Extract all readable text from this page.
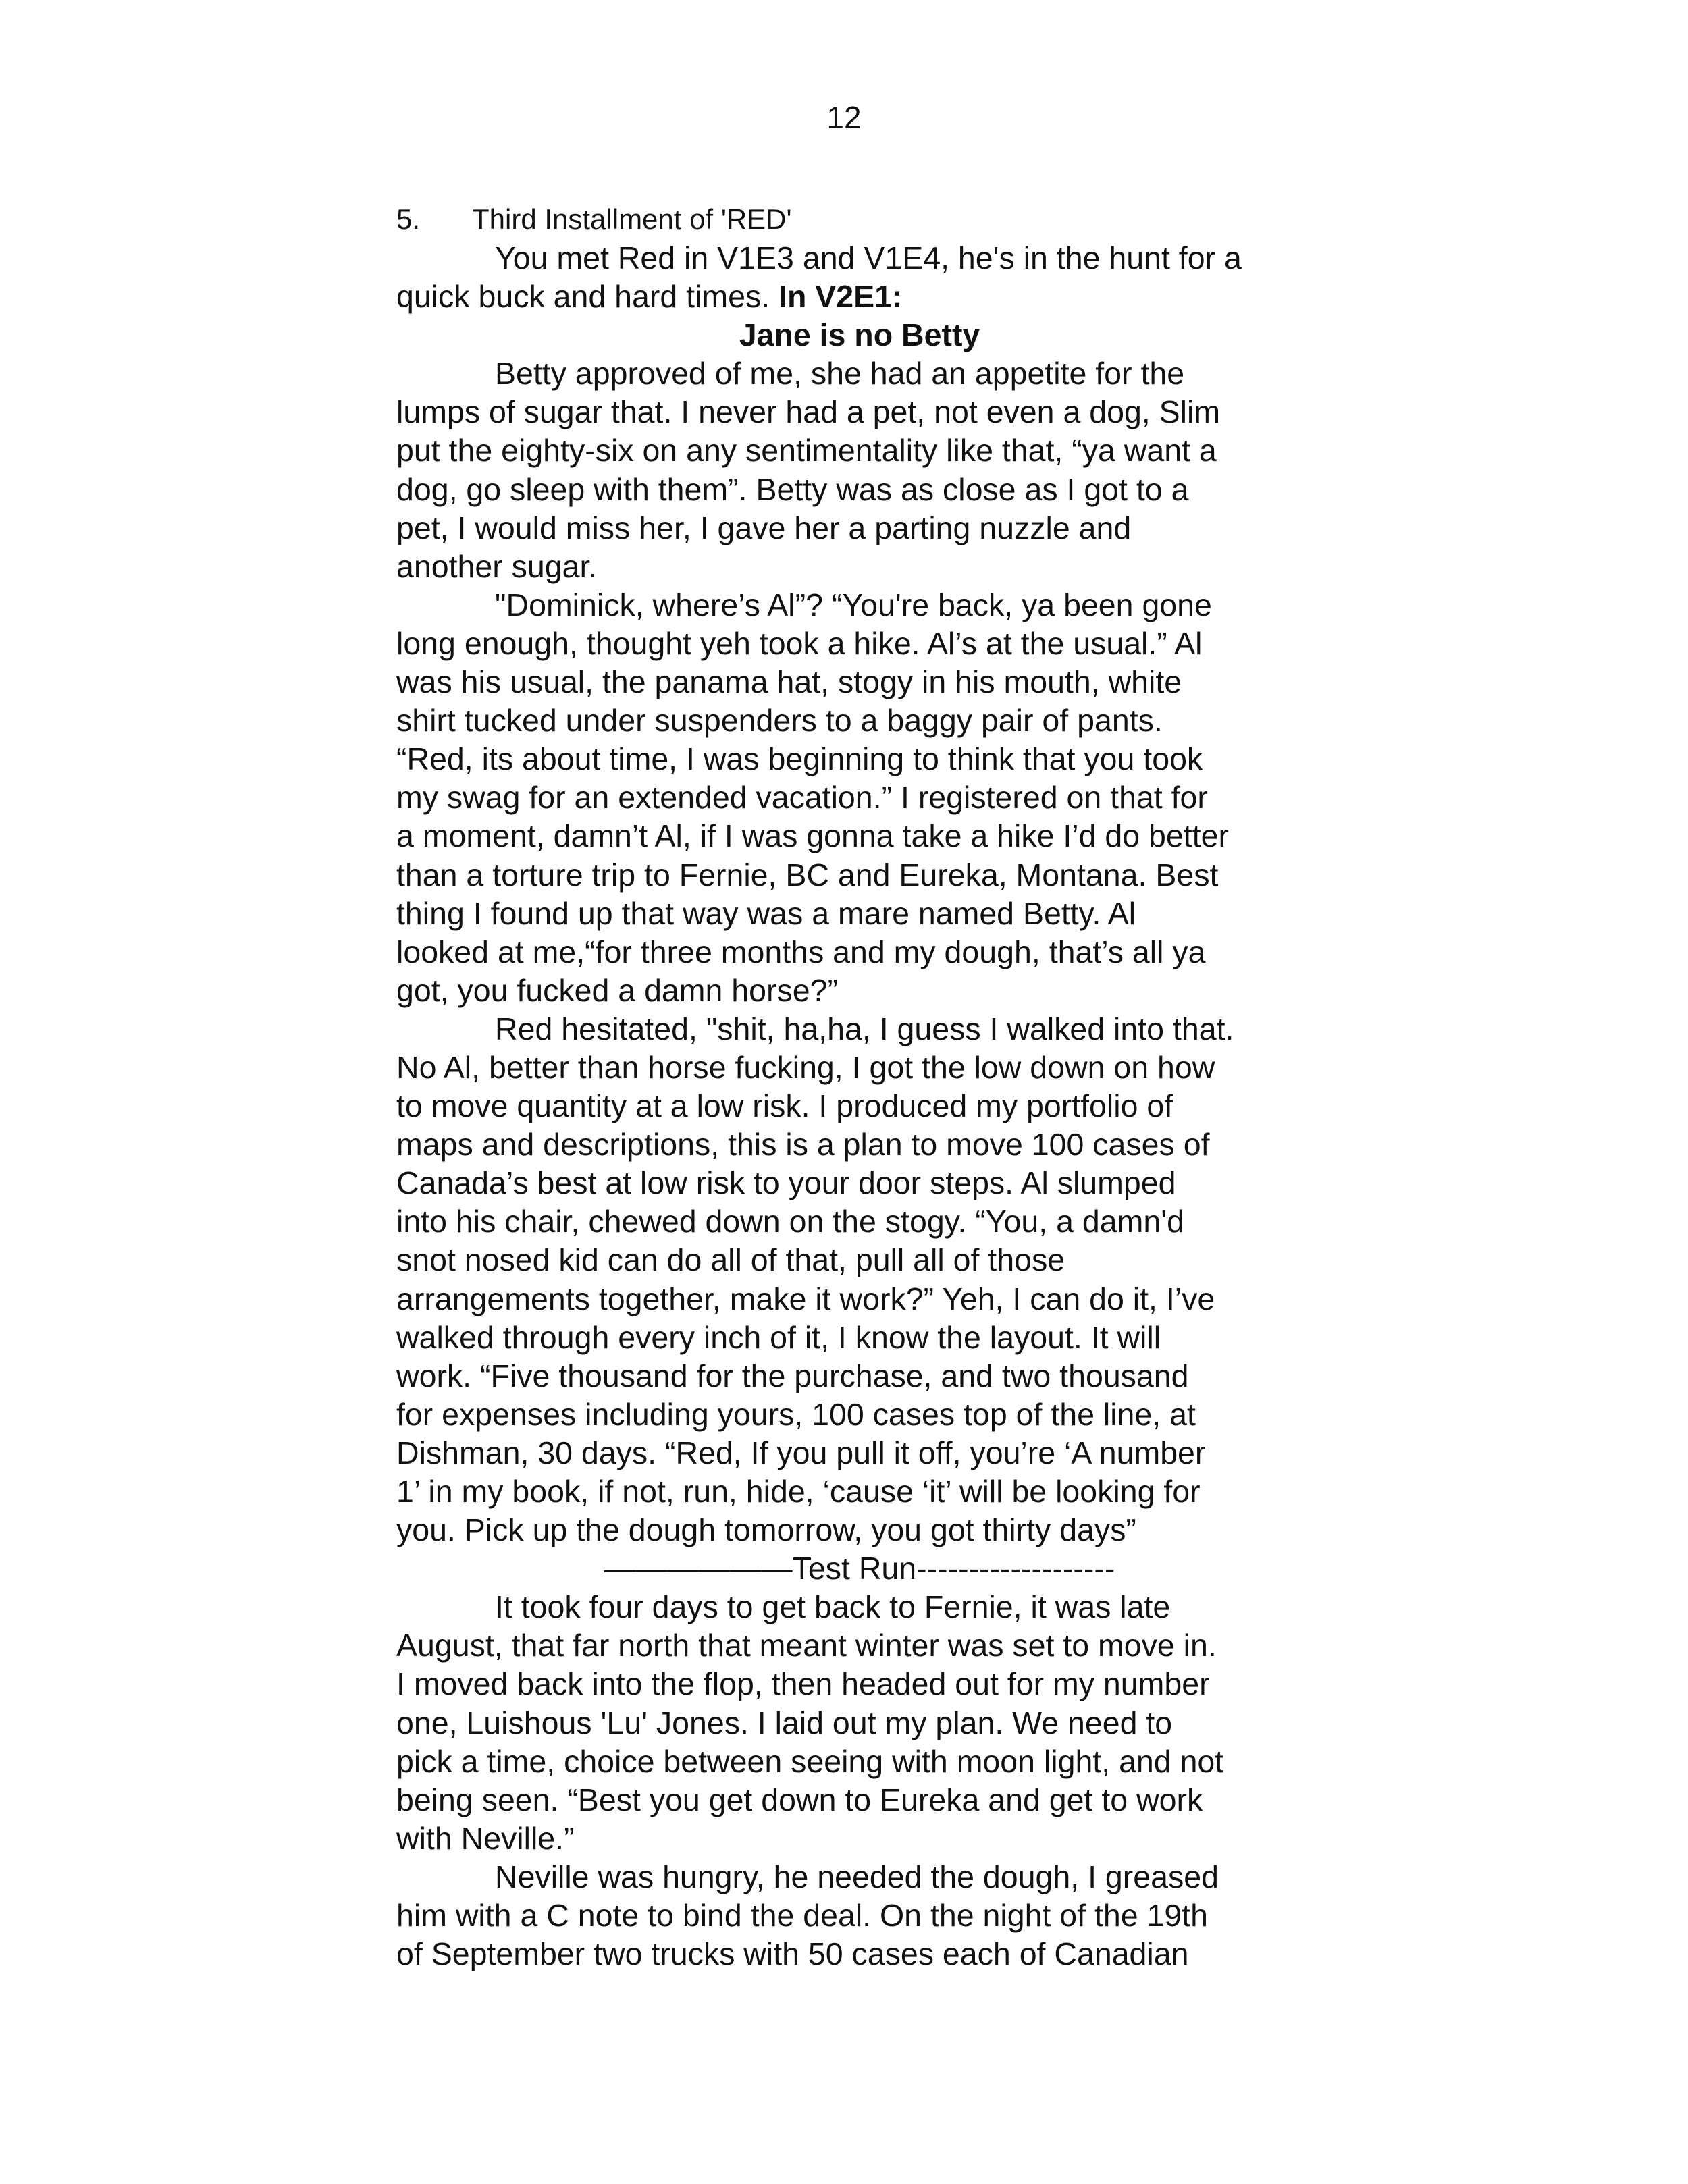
12
5. Third Installment of 'RED'
You met Red in V1E3 and V1E4, he's in the hunt for a
quick buck and hard times. In V2E1:
Jane is no Betty
Betty approved of me, she had an appetite for the
lumps of sugar that. I never had a pet, not even a dog, Slim
put the eighty-six on any sentimentality like that, “ya want a
dog, go sleep with them”. Betty was as close as I got to a
pet, I would miss her, I gave her a parting nuzzle and
another sugar.
"Dominick, where’s Al”? “You're back, ya been gone
long enough, thought yeh took a hike. Al’s at the usual.” Al
was his usual, the panama hat, stogy in his mouth, white
shirt tucked under suspenders to a baggy pair of pants.
“Red, its about time, I was beginning to think that you took
my swag for an extended vacation.” I registered on that for
a moment, damn’t Al, if I was gonna take a hike I’d do better
than a torture trip to Fernie, BC and Eureka, Montana. Best
thing I found up that way was a mare named Betty. Al
looked at me,“for three months and my dough, that’s all ya
got, you fucked a damn horse?”
Red hesitated, "shit, ha,ha, I guess I walked into that.
No Al, better than horse fucking, I got the low down on how
to move quantity at a low risk. I produced my portfolio of
maps and descriptions, this is a plan to move 100 cases of
Canada’s best at low risk to your door steps. Al slumped
into his chair, chewed down on the stogy. “You, a damn'd
snot nosed kid can do all of that, pull all of those
arrangements together, make it work?” Yeh, I can do it, I’ve
walked through every inch of it, I know the layout. It will
work. “Five thousand for the purchase, and two thousand
for expenses including yours, 100 cases top of the line, at
Dishman, 30 days. “Red, If you pull it off, you’re ‘A number
1’ in my book, if not, run, hide, ‘cause ‘it’ will be looking for
you. Pick up the dough tomorrow, you got thirty days”
——————Test Run-------------------
It took four days to get back to Fernie, it was late
August, that far north that meant winter was set to move in.
I moved back into the flop, then headed out for my number
one, Luishous 'Lu' Jones. I laid out my plan. We need to
pick a time, choice between seeing with moon light, and not
being seen. “Best you get down to Eureka and get to work
with Neville.”
Neville was hungry, he needed the dough, I greased
him with a C note to bind the deal. On the night of the 19th
of September two trucks with 50 cases each of Canadian
